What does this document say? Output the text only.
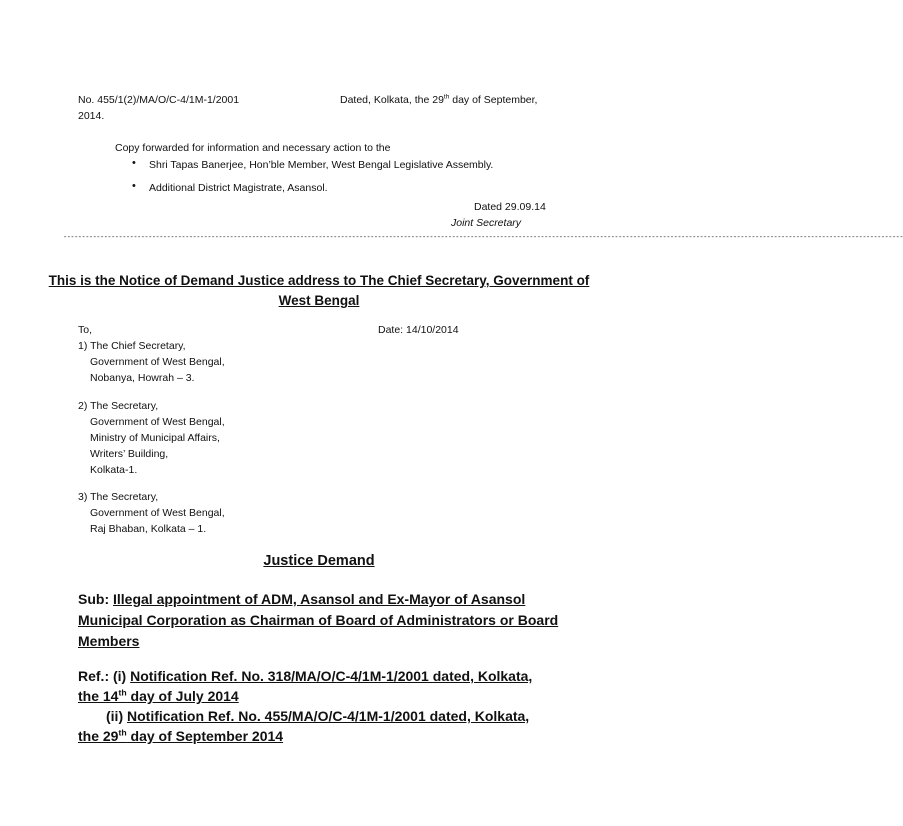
No. 455/1(2)/MA/O/C-4/1M-1/2001	Dated, Kolkata, the 29th day of September,
2014.
Copy forwarded for information and necessary action to the
• Shri Tapas Banerjee, Hon’ble Member, West Bengal Legislative Assembly.
• Additional District Magistrate, Asansol.
Dated 29.09.14
Joint Secretary
-----------------------------------------------------------------------------------------------------------------------------------------------------------------------------------------------------------------------------------
This is the Notice of Demand Justice address to The Chief Secretary, Government of
West Bengal
To,	Date: 14/10/2014
1) The Chief Secretary,
Government of West Bengal,
Nobanya, Howrah – 3.
2) The Secretary,
Government of West Bengal,
Ministry of Municipal Affairs,
Writers’ Building,
Kolkata-1.
3) The Secretary,
Government of West Bengal,
Raj Bhaban, Kolkata – 1.
Justice Demand
Sub: Illegal appointment of ADM, Asansol and Ex-Mayor of Asansol
Municipal Corporation as Chairman of Board of Administrators or Board
Members
Ref.: (i) Notification Ref. No. 318/MA/O/C-4/1M-1/2001 dated, Kolkata,
the 14th day of July 2014
(ii) Notification Ref. No. 455/MA/O/C-4/1M-1/2001 dated, Kolkata,
the 29th day of September 2014
